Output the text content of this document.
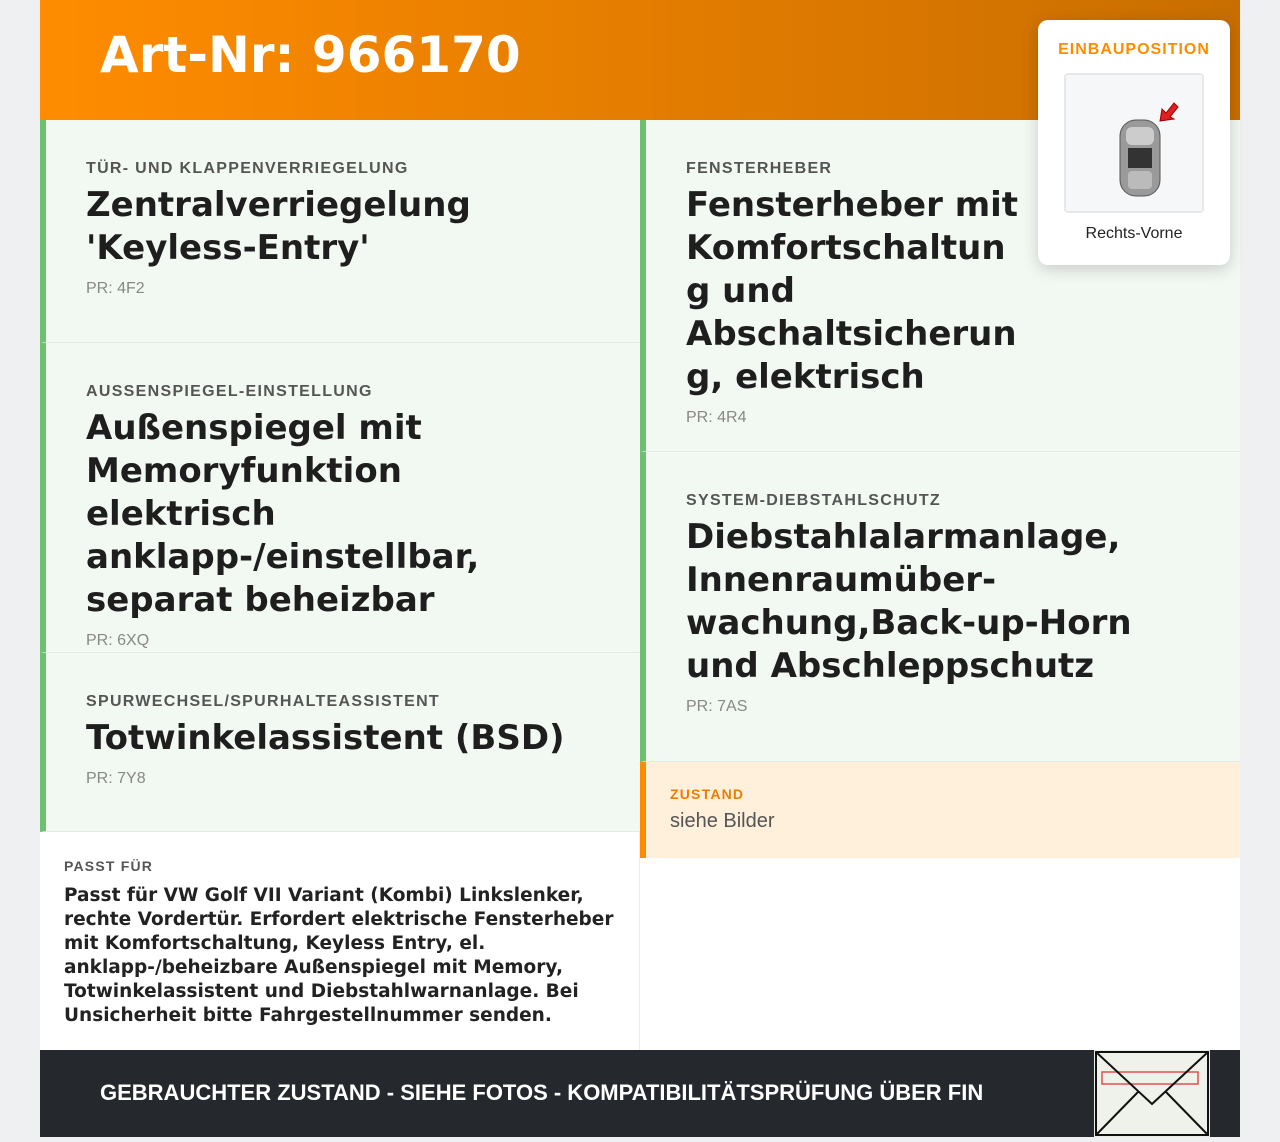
Art-Nr: 966170
TÜR- UND KLAPPENVERRIEGELUNG
Zentralverriegelung 'Keyless-Entry'
PR: 4F2
AUSSENSPIEGEL-EINSTELLUNG
Außenspiegel mit Memoryfunktion elektrisch anklapp-/einstellbar, separat beheizbar
PR: 6XQ
SPURWECHSEL/SPURHALTEASSISTENT
Totwinkelassistent (BSD)
PR: 7Y8
FENSTERHEBER
Fensterheber mit Komfortschaltung und Abschaltsicherung, elektrisch
PR: 4R4
SYSTEM-DIEBSTAHLSCHUTZ
Diebstahlalarmanlage, Innenraumüber-wachung,Back-up-Horn und Abschleppschutz
PR: 7AS
ZUSTAND
siehe Bilder
PASST FÜR
Passt für VW Golf VII Variant (Kombi) Linkslenker, rechte Vordertür. Erfordert elektrische Fensterheber mit Komfortschaltung, Keyless Entry, el. anklapp-/beheizbare Außenspiegel mit Memory, Totwinkelassistent und Diebstahlwarnanlage. Bei Unsicherheit bitte Fahrgestellnummer senden.
GEBRAUCHTER ZUSTAND - SIEHE FOTOS - KOMPATIBILITÄTSPRÜFUNG ÜBER FIN
EINBAUPOSITION
Rechts-Vorne
